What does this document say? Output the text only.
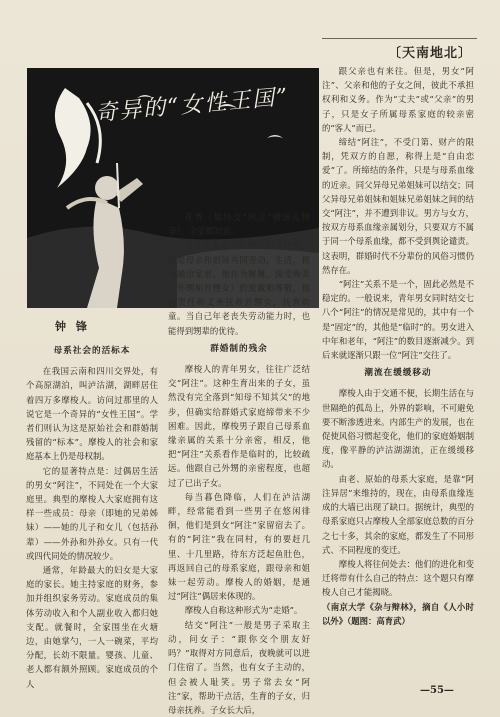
〔天南地北〕
奇异的“女性王国”
钟 锋

母系社会的活标本

在我国云南和四川交界处，有个高原湖泊，叫泸沽湖，湖畔居住着四万多摩梭人。访问过那里的人说它是一个奇异的“女性王国”。学者们则认为这是原始社会和群婚制残留的“标本”。摩梭人的社会和家庭基本上仍是母权制。

它的显著特点是：过偶居生活的男女“阿注”，不同处在一个大家庭里。典型的摩梭人大家庭拥有这样一些成员：母亲（即她的兄弟姊妹）——她的儿子和女儿（包括孙辈）——外孙和外孙女。只有一代或四代同处的情况较少。

通常，年龄最大的妇女是大家庭的家长。她主持家庭的财务，参加并组织家务劳动。家庭成员的集体劳动收入和个人副业收入都归她支配。就餐时，全家围坐在火塘边，由她掌勺，一人一碗菜，平均分配，长幼不限量。婴孩、儿童、老人都有额外照顾。家庭成员的个人

花费（如结交“阿注”赠送礼物等），全家都知道。

男子在家庭中的地位相当特殊。他是母亲和姐妹共同劳动，生活，极为融洽家里。他作为舅舅，深受晚辈（外甥和外甥女）的爱戴和尊敬，他有责任和义务抚养外甥女，抚育幼童。当自己年老丧失劳动能力时，也能得到甥辈的优待。

群婚制的残余

摩梭人的青年男女，往往广泛结交“阿注”。这种生育出来的子女，虽然没有完全落到“知母不知其父”的地步，但确实给群婚式家庭缔带来不少困难。因此，摩梭男子跟自己母系血缘亲属的关系十分亲密，相反，他把“阿注”关系看作是临时的，比较疏远。他跟自己外甥的亲密程度，也超过了已出子女。

每当暮色降临，人们在泸沽湖畔，经常能看到一些男子在悠闲徘徊，他们是到女“阿注”家留宿去了。有的“阿注”我在同村，有的要赶几里、十几里路，待东方泛起鱼肚色，再返回自己的母系家庭，跟母亲和姐妹一起劳动。摩梭人的婚姻，是通过“阿注”偶居来体现的。

摩梭人自称这种形式为“走婚”。

结交“阿注”一般是男子采取主动，问女子：“跟你交个朋友好吗？”取得对方同意后，夜晚就可以进门住宿了。当然，也有女子主动的，但会被人耻笑。男子常去女“阿注”家，帮助干点活，生育的子女，归母亲抚养。子女长大后，

跟父亲也有来往。但是，男女“阿注”、父亲和他的子女之间，彼此不承担权利和义务。作为“丈夫”或“父亲”的男子，只是女子所属母系家庭的较亲密的“客人”而已。

缔结“阿注”，不受门第、财产的限制，凭双方的自愿，称得上是“自由恋爱”了。所缔结的条件，只是与母系血缘的近亲。同父异母兄弟姐妹可以结交；同父异母兄弟姐妹和姐妹兄弟姐妹之间的结交“阿注”，并不遭到非议。男方与女方，按双方母系血缘亲属划分，只要双方不属于同一个母系血缘，都不受到舆论谴责。这表明，群婚时代不分辈份的风俗习惯仍然存在。

“阿注”关系不是一个，固此必然是不稳定的。一般说来，青年男女同时结交七八个“阿注”的情况是常见的，其中有一个是“固定”的，其他是“临时”的。男女进入中年和老年，“阿注”的数目逐渐减少。到后来就逐渐只跟一位“阿注”交往了。

潮流在缓缓移动

摩梭人由于交通不便，长期生活在与世隔绝的孤岛上，外界的影响，不可避免要不断渗透进来。内部生产的发展，也在促使风俗习惯起变化，他们的家庭婚姻制度，像平静的泸沽湖湖流，正在缓缓移动。

由老、原始的母系大家庭，是靠“阿注异居”来维持的，现在，由母系血缘连成的大墙已出现了缺口。据统计，典型的母系家庭只占摩梭人全部家庭总数的百分之七十多，其余的家庭，都发生了不同形式、不同程度的变迁。

摩梭人将往何处去：他们的进化和变迁将带有什么自己的特点：这个题只有摩梭人自己才能揭晓。

（南京大学《杂与辩林》，摘自《人小时以外》（题图：高育武）

—55—
